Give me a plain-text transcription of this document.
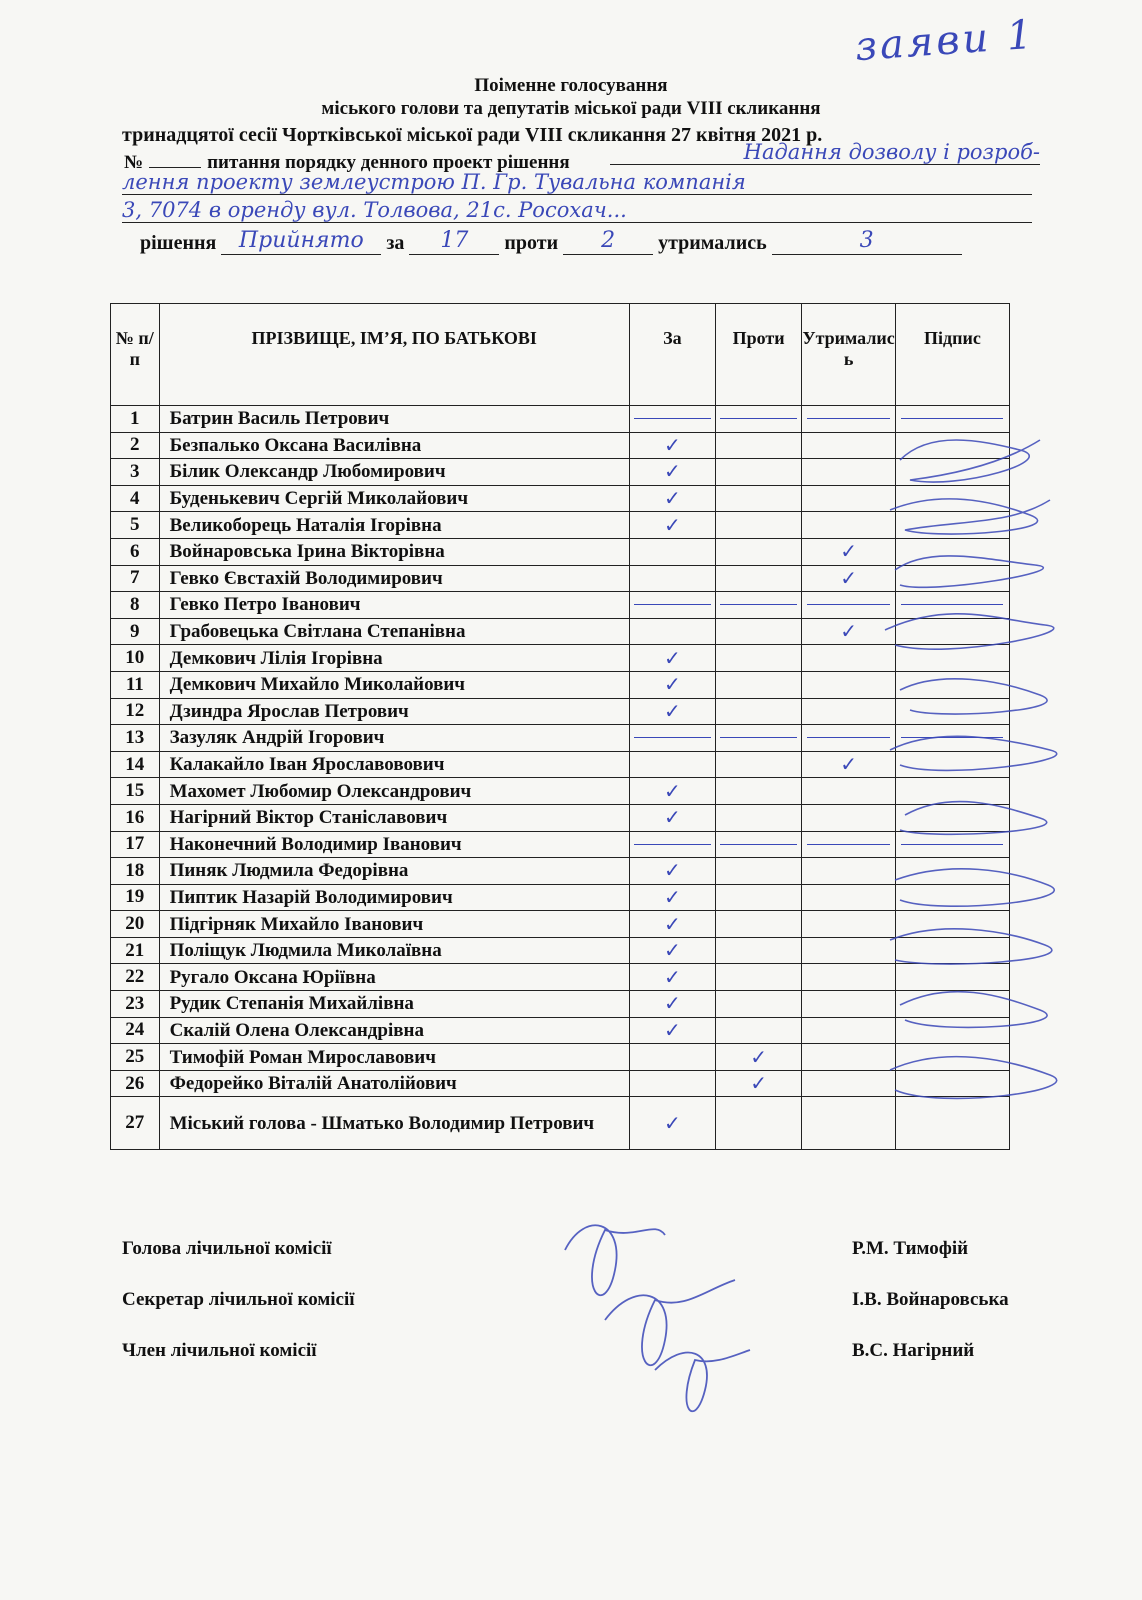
заяви 1
Поіменне голосування
міського голови та депутатів міської ради VIII скликання
тринадцятої сесії Чортківської міської ради VIII скликання 27 квітня 2021 р.
№	питання порядку денного проект рішення	Надання дозволу і розроб-
лення проекту землеустрою П. Гр. Тувальна компанія
3, 7074 в оренду вул. Толвова, 21с. Росохач...
рішення Прийнято за 17 проти 2 утримались	3
№ п/п	ПРІЗВИЩЕ, ІМ’Я, ПО БАТЬКОВІ	За	Проти	Утрималис ь	Підпис
1	Батрин Василь Петрович	

2	Безпалько Оксана Василівна	✓			
3	Білик Олександр Любомирович	✓			
4	Буденькевич Сергій Миколайович	✓			
5	Великоборець Наталія Ігорівна	✓			
6	Войнаровська Ірина Вікторівна			✓	
7	Гевко Євстахій Володимирович			✓	
8	Гевко Петро Іванович	

9	Грабовецька Світлана Степанівна			✓	
10	Демкович Лілія Ігорівна	✓			
11	Демкович Михайло Миколайович	✓			
12	Дзиндра Ярослав Петрович	✓			
13	Зазуляк Андрій Ігорович	

14	Калакайло Іван Ярославовович			✓	
15	Махомет Любомир Олександрович	✓			
16	Нагірний Віктор Станіславович	✓			
17	Наконечний Володимир Іванович	

18	Пиняк Людмила Федорівна	✓			
19	Пиптик Назарій Володимирович	✓			
20	Підгірняк Михайло Іванович	✓			
21	Поліщук Людмила Миколаївна	✓			
22	Ругало Оксана Юріївна	✓			
23	Рудик Степанія Михайлівна	✓			
24	Скалій Олена Олександрівна	✓			
25	Тимофій Роман Мирославович		✓		
26	Федорейко Віталій Анатолійович		✓		
27	Міський голова - Шматько Володимир Петрович	✓			
Голова лічильної комісії	Р.М. Тимофій
Секретар лічильної комісії	І.В. Войнаровська
Член лічильної комісії	В.С. Нагірний
